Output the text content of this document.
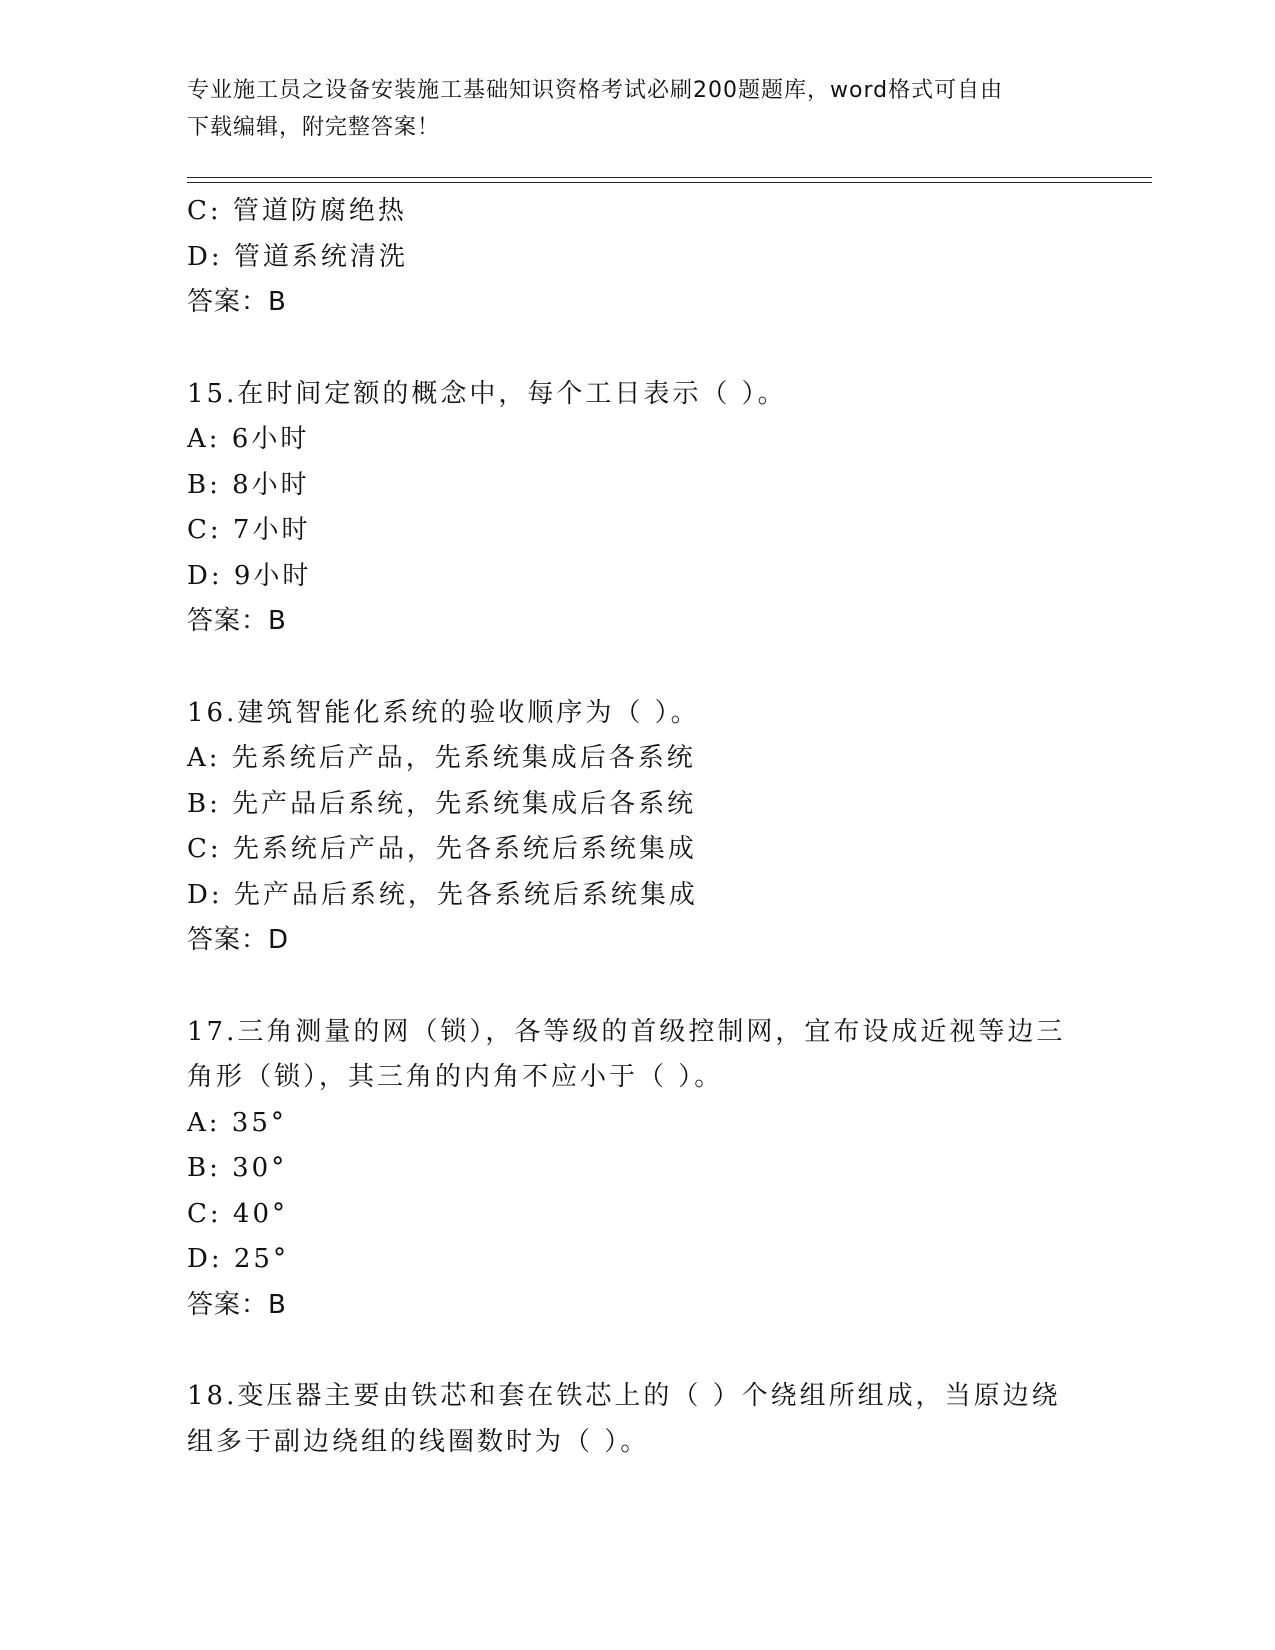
专业施工员之设备安装施工基础知识资格考试必刷200题题库，word格式可自由
下载编辑，附完整答案！
C: 管道防腐绝热
D: 管道系统清洗
答案：B
15.在时间定额的概念中，每个工日表示（ ）。
A: 6小时
B: 8小时
C: 7小时
D: 9小时
答案：B
16.建筑智能化系统的验收顺序为（ ）。
A: 先系统后产品，先系统集成后各系统
B: 先产品后系统，先系统集成后各系统
C: 先系统后产品，先各系统后系统集成
D: 先产品后系统，先各系统后系统集成
答案：D
17.三角测量的网（锁），各等级的首级控制网，宜布设成近视等边三
角形（锁），其三角的内角不应小于（ ）。
A: 35°
B: 30°
C: 40°
D: 25°
答案：B
18.变压器主要由铁芯和套在铁芯上的（ ）个绕组所组成，当原边绕
组多于副边绕组的线圈数时为（ ）。
